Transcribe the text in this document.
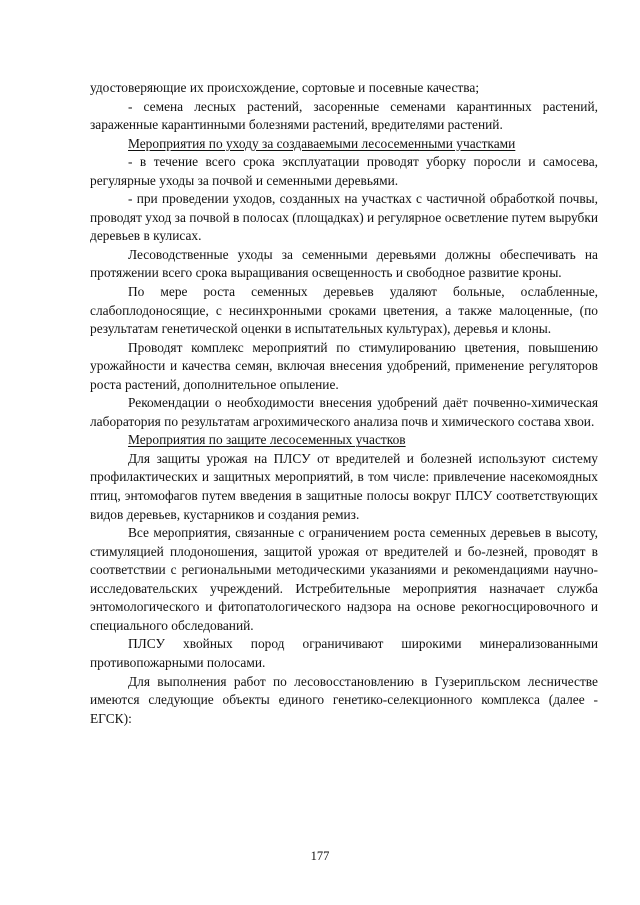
удостоверяющие их происхождение, сортовые и посевные качества;

- семена лесных растений, засоренные семенами карантинных растений, зараженные карантинными болезнями растений, вредителями растений.

Мероприятия по уходу за создаваемыми лесосеменными участками

- в течение всего срока эксплуатации проводят уборку поросли и самосева, регулярные уходы за почвой и семенными деревьями.

- при проведении уходов, созданных на участках с частичной обработкой почвы, проводят уход за почвой в полосах (площадках) и регулярное осветление путем вырубки деревьев в кулисах.

Лесоводственные уходы за семенными деревьями должны обеспечивать на протяжении всего срока выращивания освещенность и свободное развитие кроны.

По мере роста семенных деревьев удаляют больные, ослабленные, слабоплодоносящие, с несинхронными сроками цветения, а также малоценные, (по результатам генетической оценки в испытательных культурах), деревья и клоны.

Проводят комплекс мероприятий по стимулированию цветения, повышению урожайности и качества семян, включая внесения удобрений, применение регуляторов роста растений, дополнительное опыление.

Рекомендации о необходимости внесения удобрений даёт почвенно-химическая лаборатория по результатам агрохимического анализа почв и химического состава хвои.

Мероприятия по защите лесосеменных участков

Для защиты урожая на ПЛСУ от вредителей и болезней используют систему профилактических и защитных мероприятий, в том числе: привлечение насекомоядных птиц, энтомофагов путем введения в защитные полосы вокруг ПЛСУ соответствующих видов деревьев, кустарников и создания ремиз.

Все мероприятия, связанные с ограничением роста семенных деревьев в высоту, стимуляцией плодоношения, защитой урожая от вредителей и бо-лезней, проводят в соответствии с региональными методическими указаниями и рекомендациями научно-исследовательских учреждений. Истребительные мероприятия назначает служба энтомологического и фитопатологического надзора на основе рекогносцировочного и специального обследований.

ПЛСУ хвойных пород ограничивают широкими минерализованными противопожарными полосами.

Для выполнения работ по лесовосстановлению в Гузерипльском лесничестве имеются следующие объекты единого генетико-селекционного комплекса (далее - ЕГСК):

177
